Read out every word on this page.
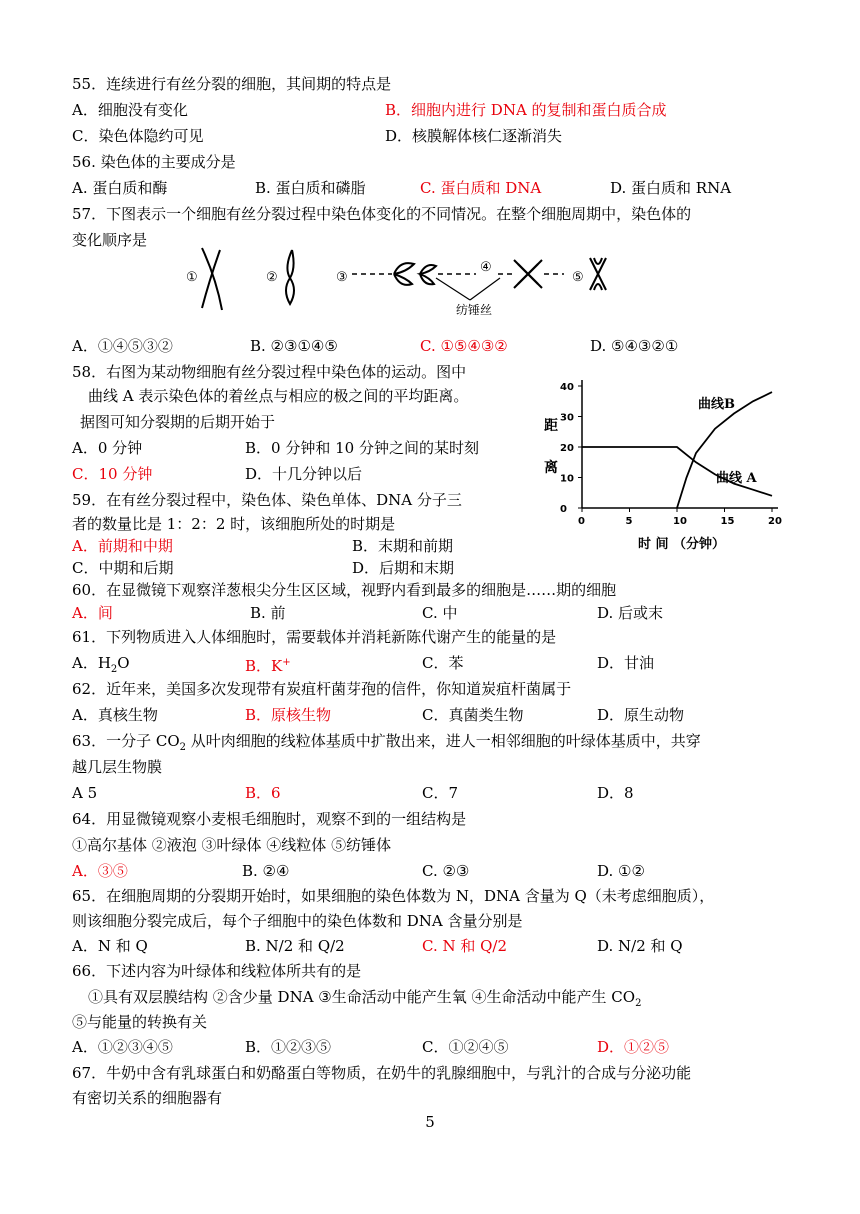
55．连续进行有丝分裂的细胞，其间期的特点是
A．细胞没有变化	B．细胞内进行 DNA 的复制和蛋白质合成
C．染色体隐约可见	D．核膜解体核仁逐渐消失
56. 染色体的主要成分是
A. 蛋白质和酶	B. 蛋白质和磷脂	C. 蛋白质和 DNA	D. 蛋白质和 RNA
57．下图表示一个细胞有丝分裂过程中染色体变化的不同情况。在整个细胞周期中，染色体的
变化顺序是
①	②	③
④
⑤
纺锤丝
A．①④⑤③②	B. ②③①④⑤	C. ①⑤④③②	D. ⑤④③②①
58．右图为某动物细胞有丝分裂过程中染色体的运动。图中
曲线 A 表示染色体的着丝点与相应的极之间的平均距离。
据图可知分裂期的后期开始于
A．0 分钟	B．0 分钟和 10 分钟之间的某时刻
C．10 分钟	D．十几分钟以后
0	5	10	15	20
0
10
20
30
40
距
离
时 间 （分钟）
曲线B
曲线 A
59．在有丝分裂过程中，染色体、染色单体、DNA 分子三
者的数量比是 1：2：2 时，该细胞所处的时期是
A．前期和中期	B．末期和前期
C．中期和后期	D．后期和末期
60．在显微镜下观察洋葱根尖分生区区域，视野内看到最多的细胞是……期的细胞
A．间	B. 前	C. 中	D. 后或末
61．下列物质进入人体细胞时，需要载体并消耗新陈代谢产生的能量的是
A．$H_2O$	B．K+	C．苯	D．甘油
62．近年来，美国多次发现带有炭疽杆菌芽孢的信件，你知道炭疽杆菌属于
A．真核生物	B．原核生物	C．真菌类生物	D．原生动物
63．一分子 $CO_2$ 从叶肉细胞的线粒体基质中扩散出来，进人一相邻细胞的叶绿体基质中，共穿
越几层生物膜
A 5	B．6	C．7	D．8
64．用显微镜观察小麦根毛细胞时，观察不到的一组结构是
①高尔基体 ②液泡 ③叶绿体 ④线粒体 ⑤纺锤体
A．③⑤	B. ②④	C. ②③	D. ①②
65．在细胞周期的分裂期开始时，如果细胞的染色体数为 N，DNA 含量为 Q（未考虑细胞质），
则该细胞分裂完成后，每个子细胞中的染色体数和 DNA 含量分别是
A．N 和 Q	B. N/2 和 Q/2	C. N 和 Q/2	D. N/2 和 Q
66．下述内容为叶绿体和线粒体所共有的是
①具有双层膜结构 ②含少量 DNA ③生命活动中能产生氧 ④生命活动中能产生 $CO_2$
⑤与能量的转换有关
A．①②③④⑤	B．①②③⑤	C．①②④⑤	D．①②⑤
67．牛奶中含有乳球蛋白和奶酪蛋白等物质，在奶牛的乳腺细胞中，与乳汁的合成与分泌功能
有密切关系的细胞器有
5
